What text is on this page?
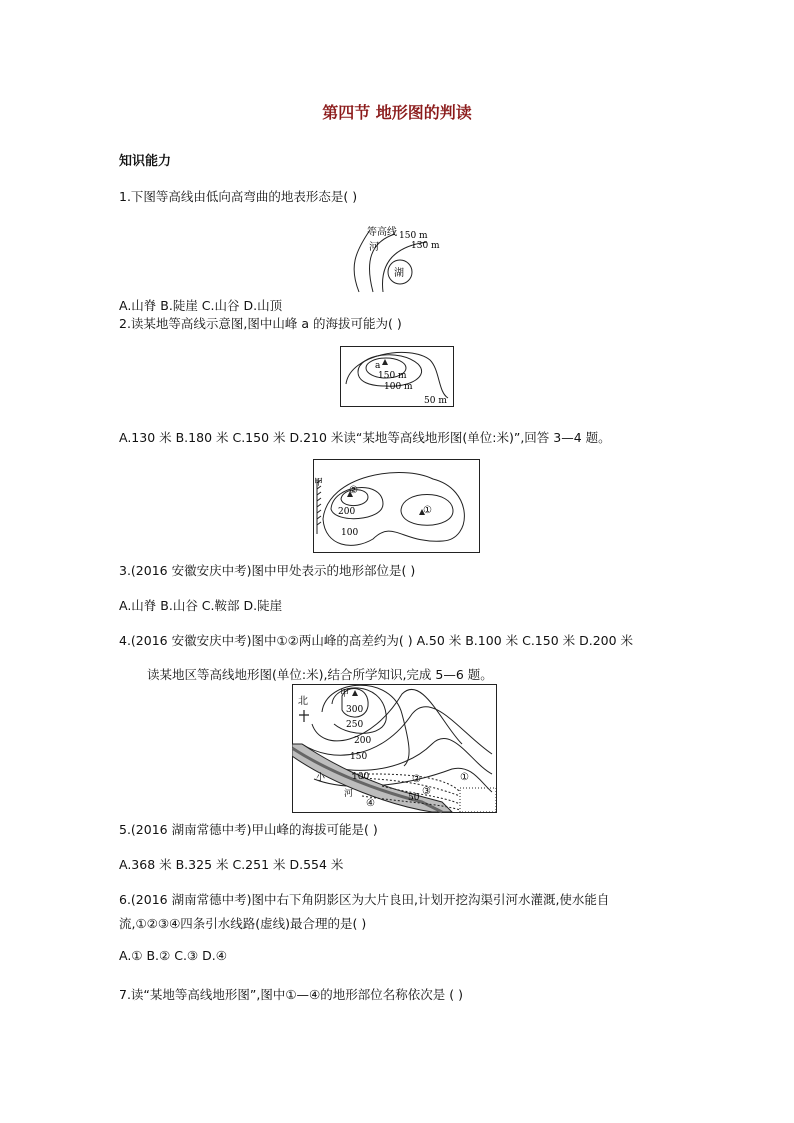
第四节 地形图的判读
知识能力
1.下图等高线由低向高弯曲的地表形态是( )
等高线 150 m
130 m
河
湖
A.山脊 B.陡崖 C.山谷 D.山顶
2.读某地等高线示意图,图中山峰 a 的海拔可能为( )
a
150 m
100 m
50 m
A.130 米 B.180 米 C.150 米 D.210 米读“某地等高线地形图(单位:米)”,回答 3—4 题。
甲
②
①
200
100
3.(2016 安徽安庆中考)图中甲处表示的地形部位是( )
A.山脊 B.山谷 C.鞍部 D.陡崖
4.(2016 安徽安庆中考)图中①②两山峰的高差约为( ) A.50 米 B.100 米 C.150 米 D.200 米
读某地区等高线地形图(单位:米),结合所学知识,完成 5—6 题。
北
甲
300
250
200
150
100
50
小
河
①
②
③
④
5.(2016 湖南常德中考)甲山峰的海拔可能是( )
A.368 米 B.325 米 C.251 米 D.554 米
6.(2016 湖南常德中考)图中右下角阴影区为大片良田,计划开挖沟渠引河水灌溉,使水能自
流,①②③④四条引水线路(虚线)最合理的是( )
A.① B.② C.③ D.④
7.读“某地等高线地形图”,图中①—④的地形部位名称依次是 ( )
